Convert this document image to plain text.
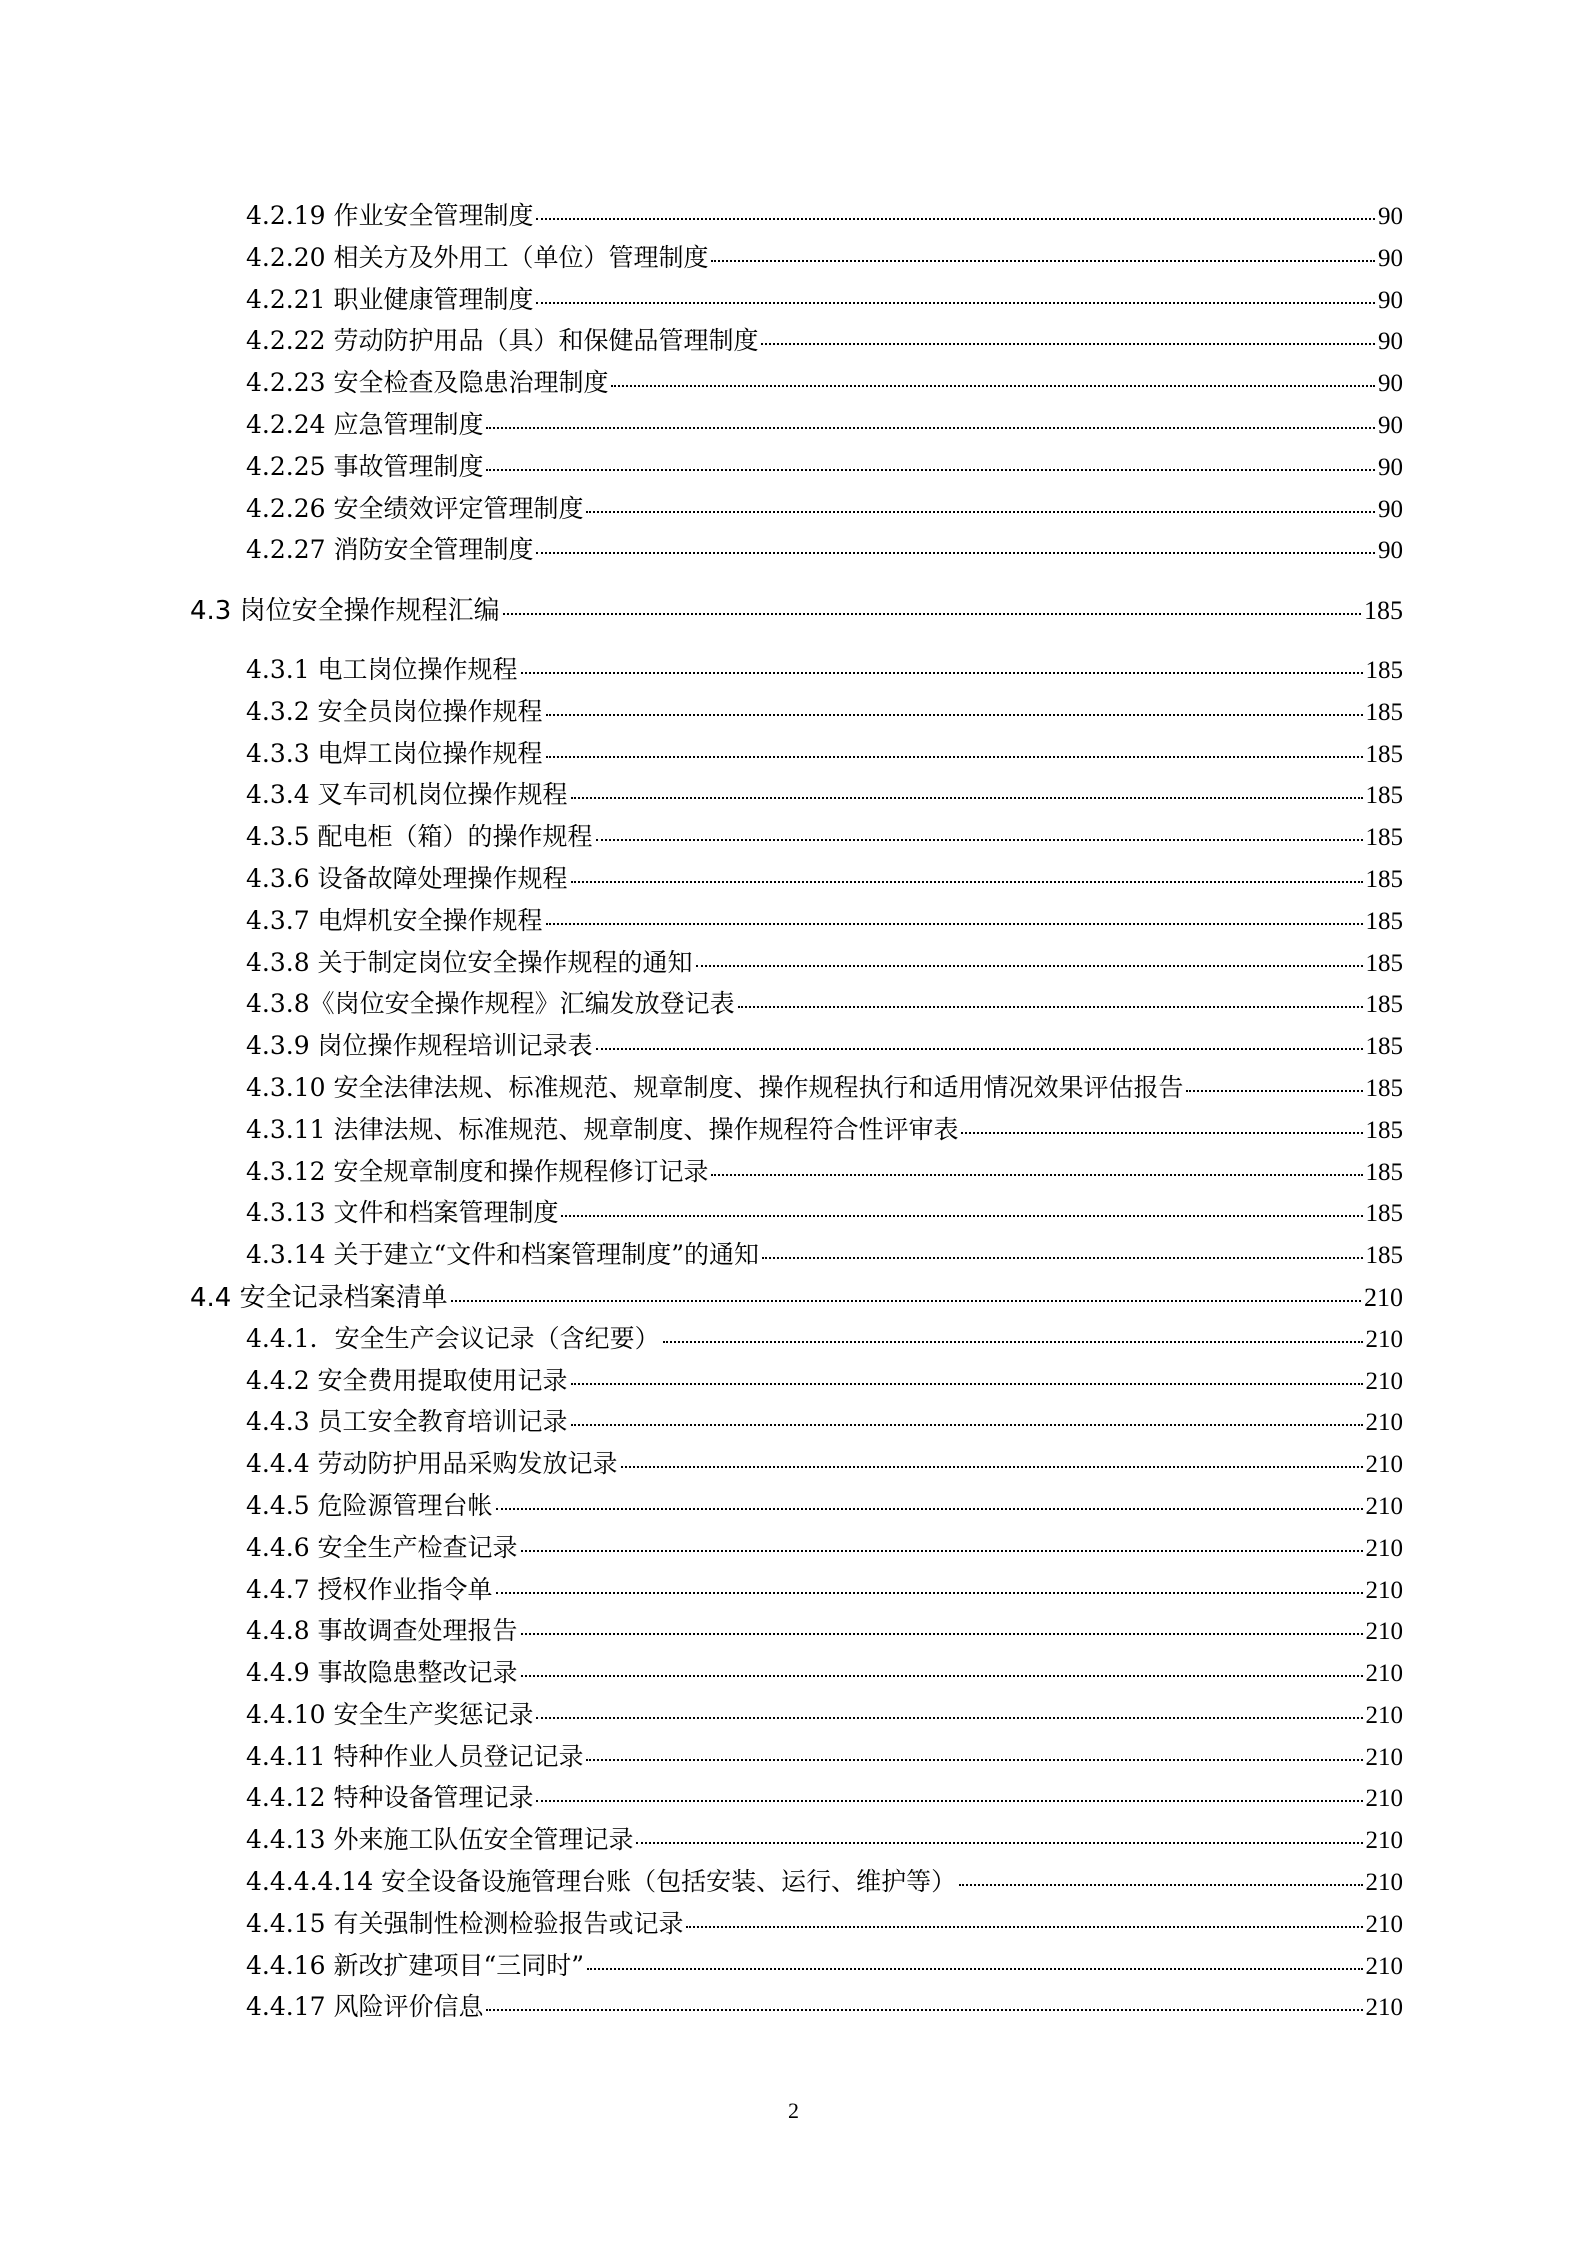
4.2.19 作业安全管理制度	90
4.2.20 相关方及外用工（单位）管理制度	90
4.2.21 职业健康管理制度	90
4.2.22 劳动防护用品（具）和保健品管理制度	90
4.2.23 安全检查及隐患治理制度	90
4.2.24 应急管理制度	90
4.2.25 事故管理制度	90
4.2.26 安全绩效评定管理制度	90
4.2.27 消防安全管理制度	90
4.3 岗位安全操作规程汇编	185
4.3.1 电工岗位操作规程	185
4.3.2 安全员岗位操作规程	185
4.3.3 电焊工岗位操作规程	185
4.3.4 叉车司机岗位操作规程	185
4.3.5 配电柜（箱）的操作规程	185
4.3.6 设备故障处理操作规程	185
4.3.7 电焊机安全操作规程	185
4.3.8 关于制定岗位安全操作规程的通知	185
4.3.8《岗位安全操作规程》汇编发放登记表	185
4.3.9 岗位操作规程培训记录表	185
4.3.10 安全法律法规、标准规范、规章制度、操作规程执行和适用情况效果评估报告	185
4.3.11 法律法规、标准规范、规章制度、操作规程符合性评审表	185
4.3.12 安全规章制度和操作规程修订记录	185
4.3.13 文件和档案管理制度	185
4.3.14 关于建立“文件和档案管理制度”的通知	185
4.4 安全记录档案清单	210
4.4.1．安全生产会议记录（含纪要）	210
4.4.2 安全费用提取使用记录	210
4.4.3 员工安全教育培训记录	210
4.4.4 劳动防护用品采购发放记录	210
4.4.5 危险源管理台帐	210
4.4.6 安全生产检查记录	210
4.4.7 授权作业指令单	210
4.4.8 事故调查处理报告	210
4.4.9 事故隐患整改记录	210
4.4.10 安全生产奖惩记录	210
4.4.11 特种作业人员登记记录	210
4.4.12 特种设备管理记录	210
4.4.13 外来施工队伍安全管理记录	210
4.4.4.4.14 安全设备设施管理台账（包括安装、运行、维护等）	210
4.4.15 有关强制性检测检验报告或记录	210
4.4.16 新改扩建项目“三同时”	210
4.4.17 风险评价信息	210
2
